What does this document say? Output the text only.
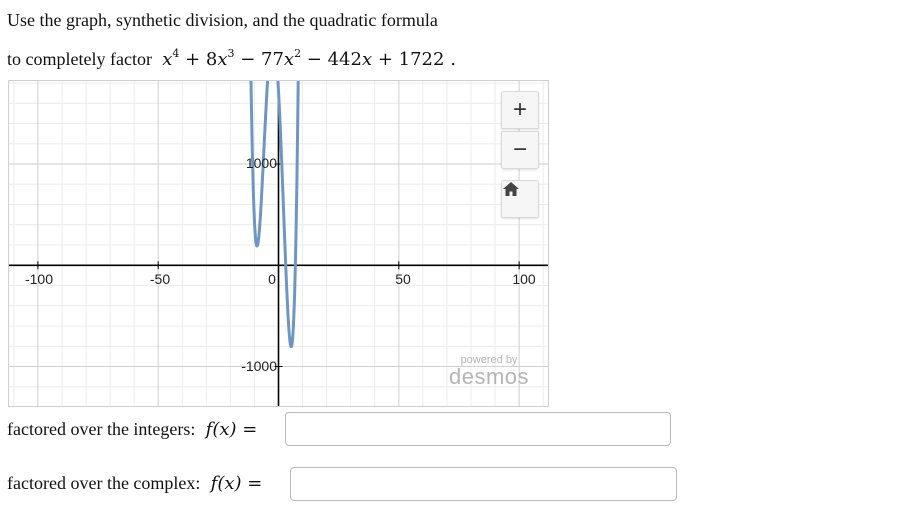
Use the graph, synthetic division, and the quadratic formula
to completely factor $x^4 + 8x^3 - 77x^2 - 442x + 1722$ .
-100	-50	0	50	100
1000
-1000
+
−
powered by
desmos
factored over the integers: f(x) =
factored over the complex: f(x) =
